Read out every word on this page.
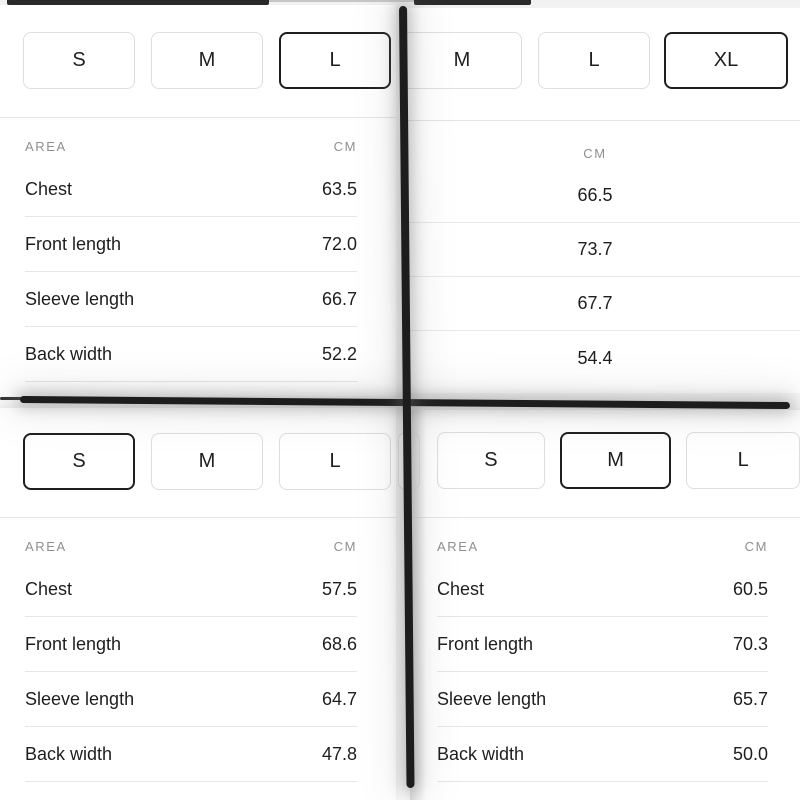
S	M	L
AREA	CM
Chest	63.5
Front length	72.0
Sleeve length	66.7
Back width	52.2
M	L	XL
CM
66.5
73.7
67.7
54.4
S	M	L
AREA	CM
Chest	57.5
Front length	68.6
Sleeve length	64.7
Back width	47.8
S	M	L
AREA	CM
Chest	60.5
Front length	70.3
Sleeve length	65.7
Back width	50.0
